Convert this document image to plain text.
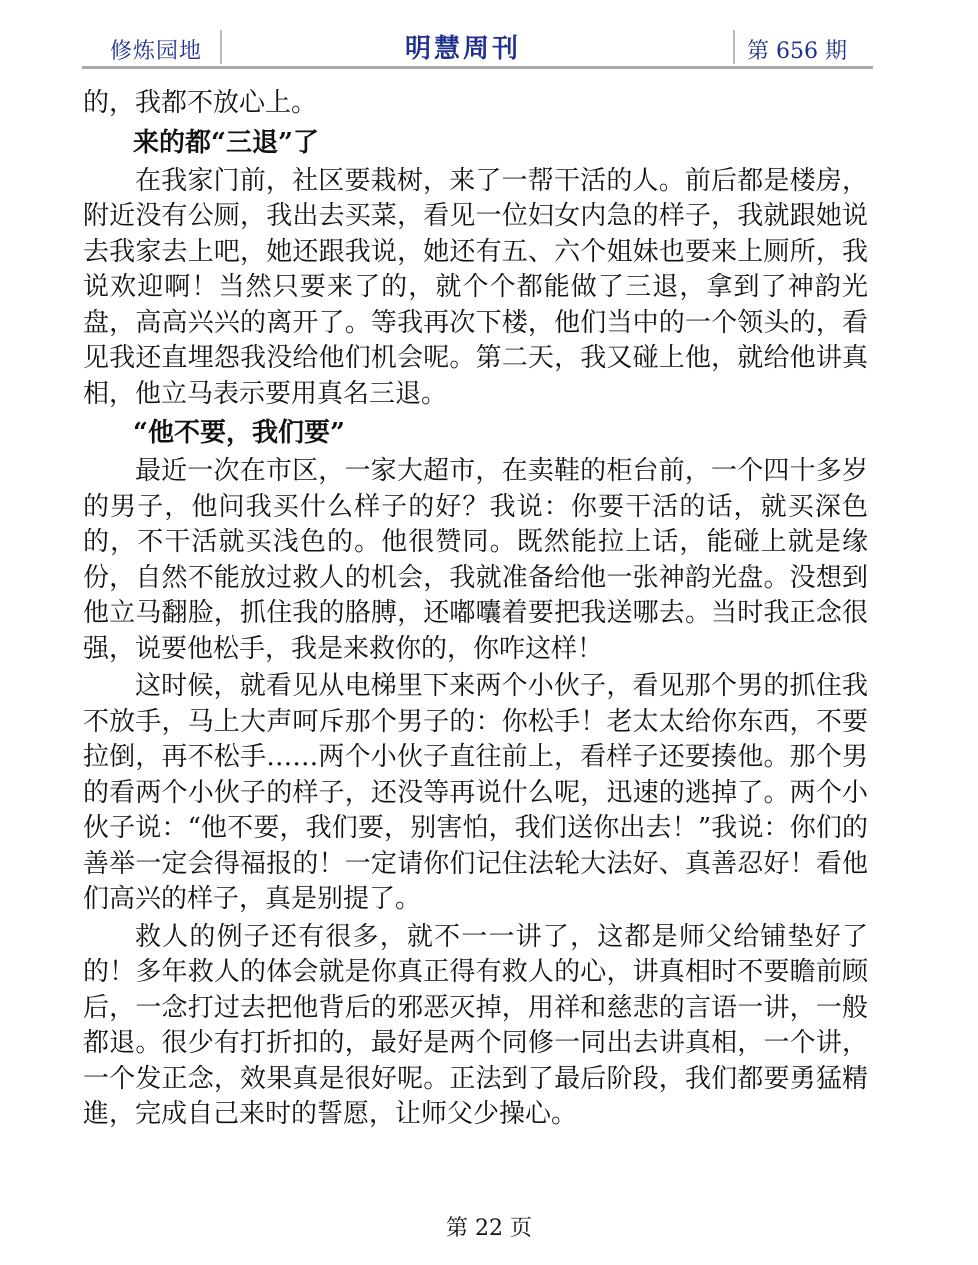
修炼园地	明慧周刊	第 656 期

的，我都不放心上。

来的都“三退”了

在我家门前，社区要栽树，来了一帮干活的人。前后都是楼房，附近没有公厕，我出去买菜，看见一位妇女内急的样子，我就跟她说去我家去上吧，她还跟我说，她还有五、六个姐妹也要来上厕所，我说欢迎啊！当然只要来了的，就个个都能做了三退，拿到了神韵光盘，高高兴兴的离开了。等我再次下楼，他们当中的一个领头的，看见我还直埋怨我没给他们机会呢。第二天，我又碰上他，就给他讲真相，他立马表示要用真名三退。

“他不要，我们要”

最近一次在市区，一家大超市，在卖鞋的柜台前，一个四十多岁的男子，他问我买什么样子的好？我说：你要干活的话，就买深色的，不干活就买浅色的。他很赞同。既然能拉上话，能碰上就是缘份，自然不能放过救人的机会，我就准备给他一张神韵光盘。没想到他立马翻脸，抓住我的胳膊，还嘟囔着要把我送哪去。当时我正念很强，说要他松手，我是来救你的，你咋这样！

这时候，就看见从电梯里下来两个小伙子，看见那个男的抓住我不放手，马上大声呵斥那个男子的：你松手！老太太给你东西，不要拉倒，再不松手……两个小伙子直往前上，看样子还要揍他。那个男的看两个小伙子的样子，还没等再说什么呢，迅速的逃掉了。两个小伙子说：“他不要，我们要，别害怕，我们送你出去！”我说：你们的善举一定会得福报的！一定请你们记住法轮大法好、真善忍好！看他们高兴的样子，真是别提了。

救人的例子还有很多，就不一一讲了，这都是师父给铺垫好了的！多年救人的体会就是你真正得有救人的心，讲真相时不要瞻前顾后，一念打过去把他背后的邪恶灭掉，用祥和慈悲的言语一讲，一般都退。很少有打折扣的，最好是两个同修一同出去讲真相，一个讲，一个发正念，效果真是很好呢。正法到了最后阶段，我们都要勇猛精進，完成自己来时的誓愿，让师父少操心。

第 22 页
